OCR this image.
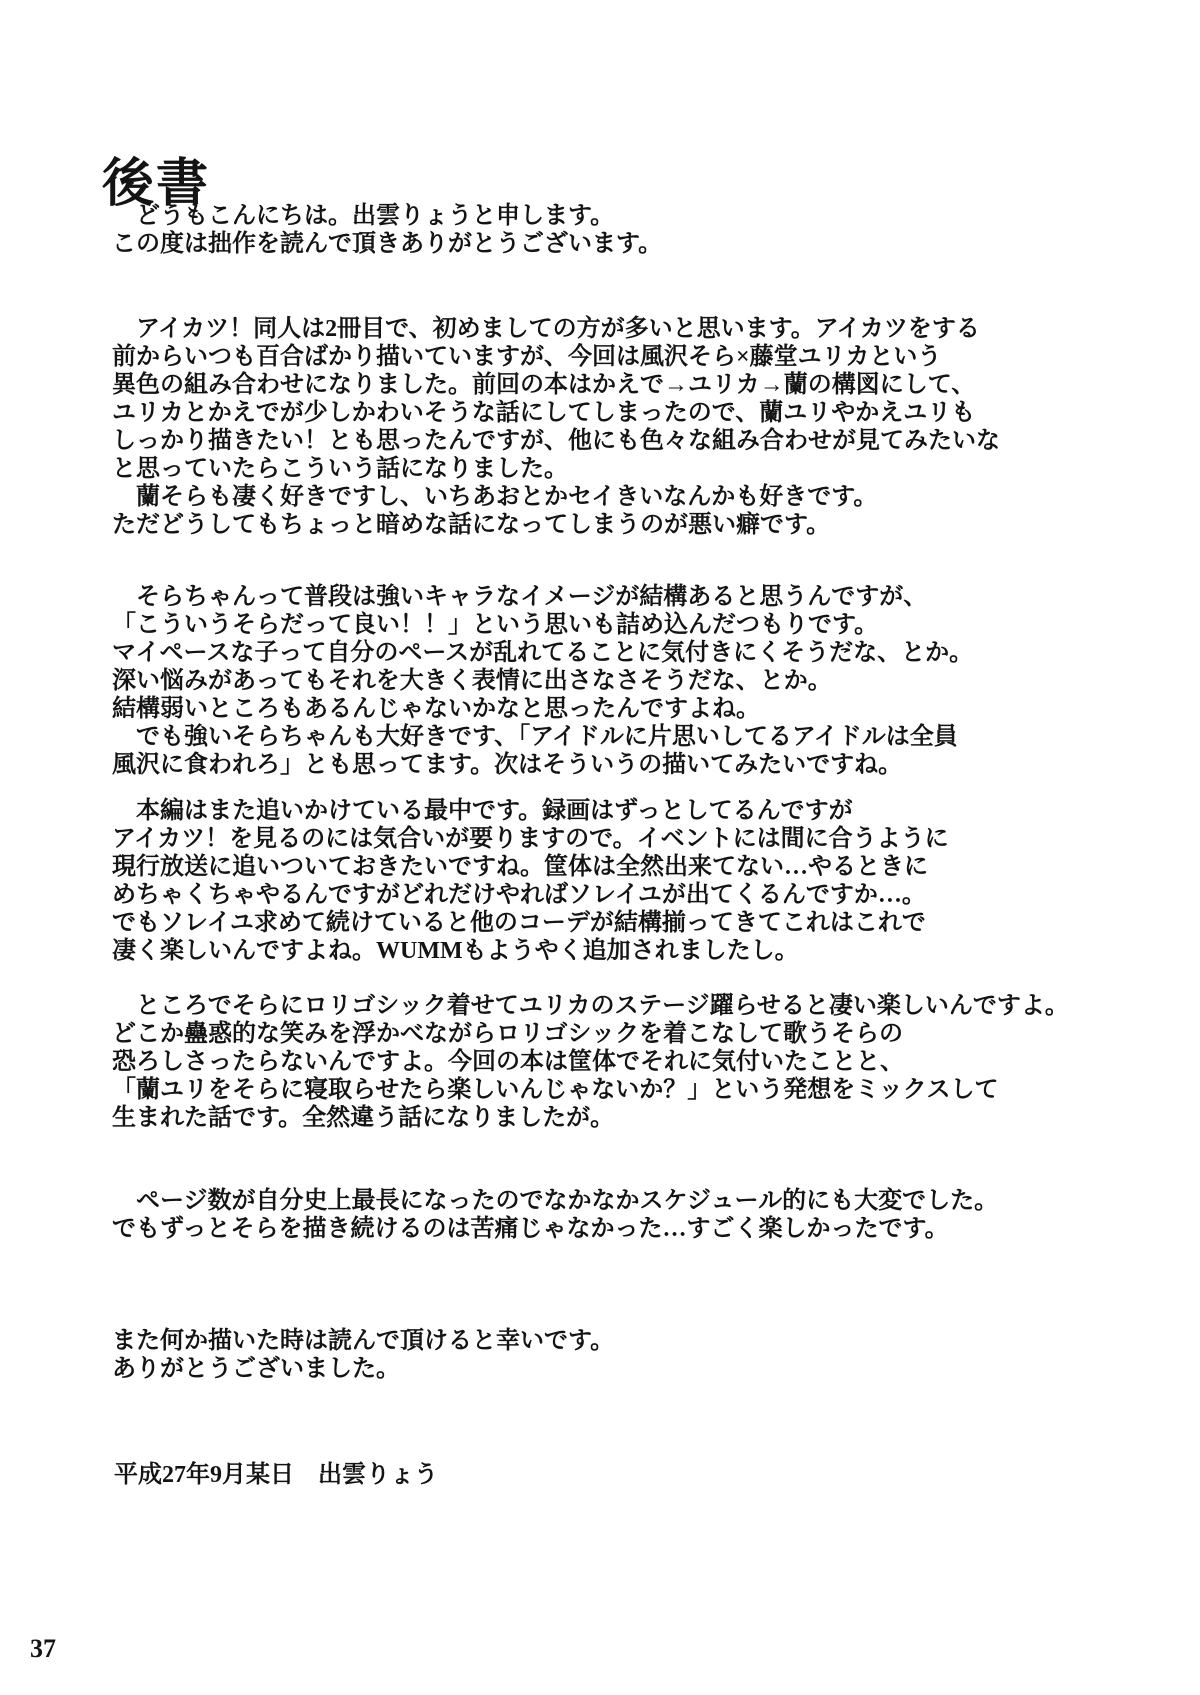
後書
　どうもこんにちは。出雲りょうと申します。
この度は拙作を読んで頂きありがとうございます。
　アイカツ！同人は2冊目で、初めましての方が多いと思います。アイカツをする
前からいつも百合ばかり描いていますが、今回は風沢そら×藤堂ユリカという
異色の組み合わせになりました。前回の本はかえで→ユリカ→蘭の構図にして、
ユリカとかえでが少しかわいそうな話にしてしまったので、蘭ユリやかえユリも
しっかり描きたい！とも思ったんですが、他にも色々な組み合わせが見てみたいな
と思っていたらこういう話になりました。
　蘭そらも凄く好きですし、いちあおとかセイきいなんかも好きです。
ただどうしてもちょっと暗めな話になってしまうのが悪い癖です。
　そらちゃんって普段は強いキャラなイメージが結構あると思うんですが、
「こういうそらだって良い！！」という思いも詰め込んだつもりです。
マイペースな子って自分のペースが乱れてることに気付きにくそうだな、とか。
深い悩みがあってもそれを大きく表情に出さなさそうだな、とか。
結構弱いところもあるんじゃないかなと思ったんですよね。
　でも強いそらちゃんも大好きです、「アイドルに片思いしてるアイドルは全員
風沢に食われろ」とも思ってます。次はそういうの描いてみたいですね。
　本編はまた追いかけている最中です。録画はずっとしてるんですが
アイカツ！を見るのには気合いが要りますので。イベントには間に合うように
現行放送に追いついておきたいですね。筐体は全然出来てない…やるときに
めちゃくちゃやるんですがどれだけやればソレイユが出てくるんですか…。
でもソレイユ求めて続けていると他のコーデが結構揃ってきてこれはこれで
凄く楽しいんですよね。WUMMもようやく追加されましたし。
　ところでそらにロリゴシック着せてユリカのステージ躍らせると凄い楽しいんですよ。
どこか蠱惑的な笑みを浮かべながらロリゴシックを着こなして歌うそらの
恐ろしさったらないんですよ。今回の本は筐体でそれに気付いたことと、
「蘭ユリをそらに寝取らせたら楽しいんじゃないか？」という発想をミックスして
生まれた話です。全然違う話になりましたが。
　ページ数が自分史上最長になったのでなかなかスケジュール的にも大変でした。
でもずっとそらを描き続けるのは苦痛じゃなかった…すごく楽しかったです。
また何か描いた時は読んで頂けると幸いです。
ありがとうございました。
平成27年9月某日　出雲りょう
37
